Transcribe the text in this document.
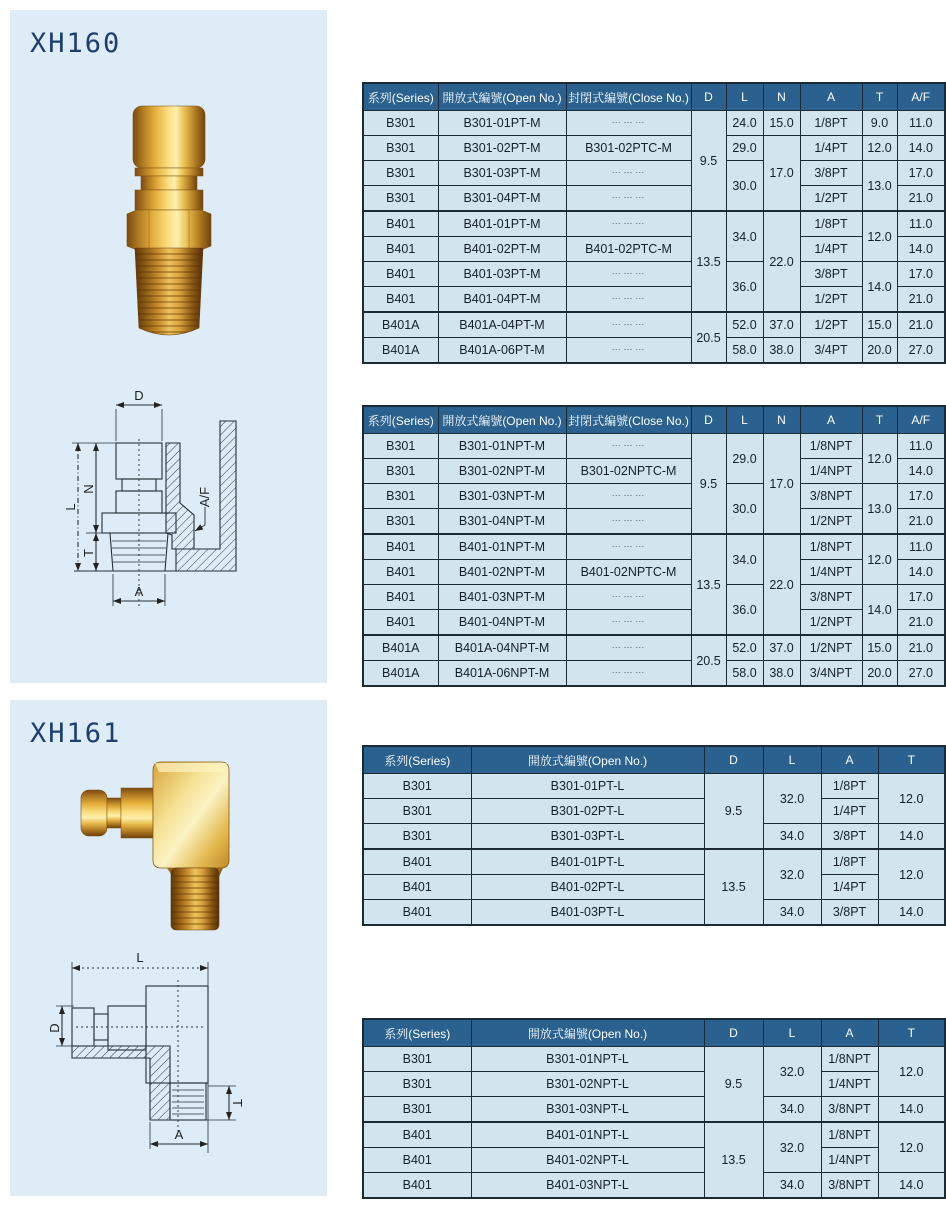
XH160
D
L
N
T
A
A/F
XH161
L
D
T
A
系列(Series)	開放式編號(Open No.)	封閉式編號(Close No.)	D	L	N	A	T	A/F
B301	B301-01PT-M	--- --- ---	9.5	24.0	15.0	1/8PT	9.0	11.0
B301	B301-02PT-M	B301-02PTC-M		29.0	17.0	1/4PT	12.0	14.0
B301	B301-03PT-M	--- --- ---		30.0		3/8PT	13.0	17.0
B301	B301-04PT-M	--- --- ---				1/2PT		21.0
B401	B401-01PT-M	--- --- ---	13.5	34.0	22.0	1/8PT	12.0	11.0
B401	B401-02PT-M	B401-02PTC-M				1/4PT		14.0
B401	B401-03PT-M	--- --- ---		36.0		3/8PT	14.0	17.0
B401	B401-04PT-M	--- --- ---				1/2PT		21.0
B401A	B401A-04PT-M	--- --- ---	20.5	52.0	37.0	1/2PT	15.0	21.0
B401A	B401A-06PT-M	--- --- ---		58.0	38.0	3/4PT	20.0	27.0
系列(Series)	開放式編號(Open No.)	封閉式編號(Close No.)	D	L	N	A	T	A/F
B301	B301-01NPT-M	--- --- ---	9.5	29.0	17.0	1/8NPT	12.0	11.0
B301	B301-02NPT-M	B301-02NPTC-M				1/4NPT		14.0
B301	B301-03NPT-M	--- --- ---		30.0		3/8NPT	13.0	17.0
B301	B301-04NPT-M	--- --- ---				1/2NPT		21.0
B401	B401-01NPT-M	--- --- ---	13.5	34.0	22.0	1/8NPT	12.0	11.0
B401	B401-02NPT-M	B401-02NPTC-M				1/4NPT		14.0
B401	B401-03NPT-M	--- --- ---		36.0		3/8NPT	14.0	17.0
B401	B401-04NPT-M	--- --- ---				1/2NPT		21.0
B401A	B401A-04NPT-M	--- --- ---	20.5	52.0	37.0	1/2NPT	15.0	21.0
B401A	B401A-06NPT-M	--- --- ---		58.0	38.0	3/4NPT	20.0	27.0
系列(Series)	開放式編號(Open No.)	D	L	A	T
B301	B301-01PT-L	9.5	32.0	1/8PT	12.0
B301	B301-02PT-L			1/4PT	
B301	B301-03PT-L		34.0	3/8PT	14.0
B401	B401-01PT-L	13.5	32.0	1/8PT	12.0
B401	B401-02PT-L			1/4PT	
B401	B401-03PT-L		34.0	3/8PT	14.0
系列(Series)	開放式編號(Open No.)	D	L	A	T
B301	B301-01NPT-L	9.5	32.0	1/8NPT	12.0
B301	B301-02NPT-L			1/4NPT	
B301	B301-03NPT-L		34.0	3/8NPT	14.0
B401	B401-01NPT-L	13.5	32.0	1/8NPT	12.0
B401	B401-02NPT-L			1/4NPT	
B401	B401-03NPT-L		34.0	3/8NPT	14.0
